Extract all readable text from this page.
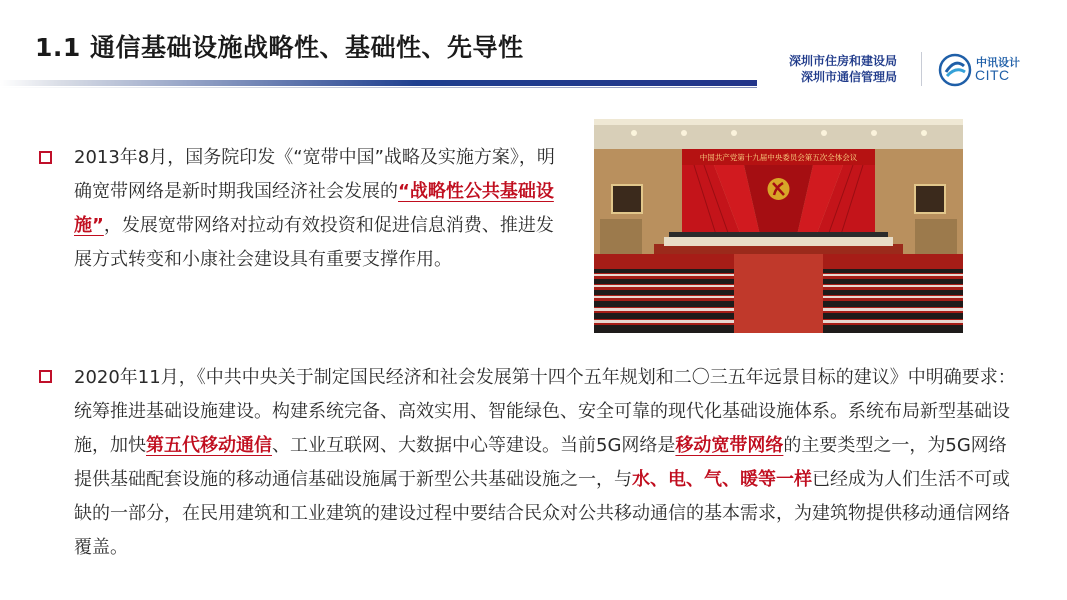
1.1 通信基础设施战略性、基础性、先导性	深圳市住房和建设局
深圳市通信管理局
中讯设计
CITC
2013年8月，国务院印发《“宽带中国”战略及实施方案》，明确宽带网络是新时期我国经济社会发展的“战略性公共基础设施”，发展宽带网络对拉动有效投资和促进信息消费、推进发展方式转变和小康社会建设具有重要支撑作用。
中国共产党第十九届中央委员会第五次全体会议
2020年11月，《中共中央关于制定国民经济和社会发展第十四个五年规划和二〇三五年远景目标的建议》中明确要求：统筹推进基础设施建设。构建系统完备、高效实用、智能绿色、安全可靠的现代化基础设施体系。系统布局新型基础设施，加快第五代移动通信、工业互联网、大数据中心等建设。当前5G网络是移动宽带网络的主要类型之一，为5G网络提供基础配套设施的移动通信基础设施属于新型公共基础设施之一，与水、电、气、暖等一样已经成为人们生活不可或缺的一部分，在民用建筑和工业建筑的建设过程中要结合民众对公共移动通信的基本需求，为建筑物提供移动通信网络覆盖。
